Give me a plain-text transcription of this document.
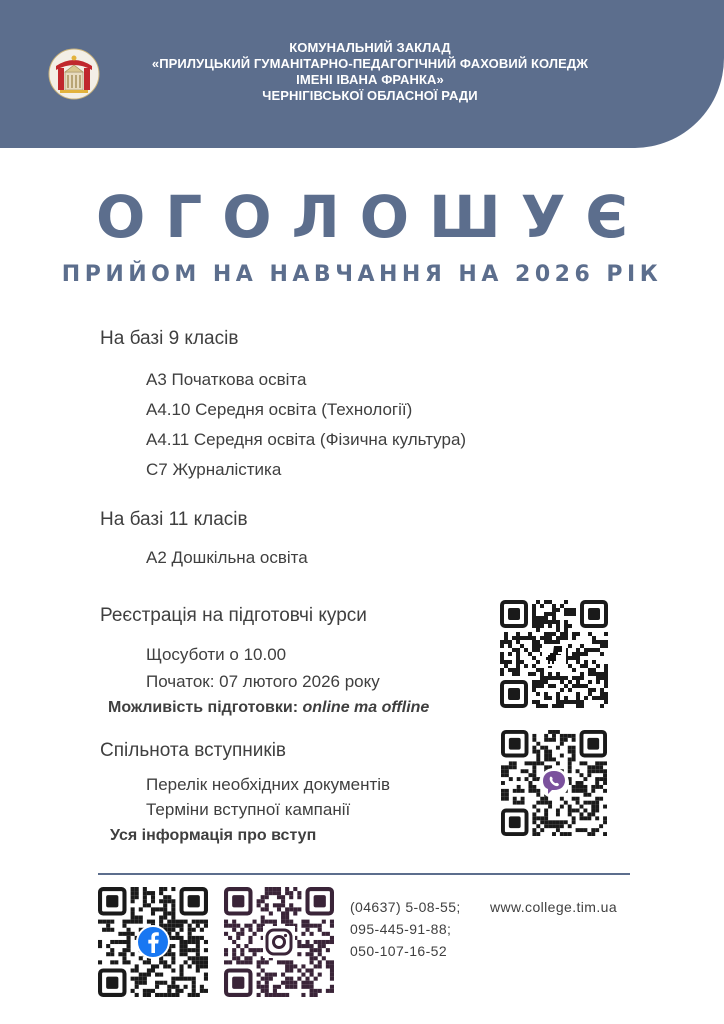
КОМУНАЛЬНИЙ ЗАКЛАД
«ПРИЛУЦЬКИЙ ГУМАНІТАРНО-ПЕДАГОГІЧНИЙ ФАХОВИЙ КОЛЕДЖ
ІМЕНІ ІВАНА ФРАНКА»
ЧЕРНІГІВСЬКОЇ ОБЛАСНОЇ РАДИ
ОГОЛОШУЄ
ПРИЙОМ НА НАВЧАННЯ НА 2026 РІК
На базі 9 класів
А3 Початкова освіта
А4.10 Середня освіта (Технології)
А4.11 Середня освіта (Фізична культура)
С7 Журналістика
На базі 11 класів
А2 Дошкільна освіта
Реєстрація на підготовчі курси
Щосуботи о 10.00
Початок: 07 лютого 2026 року
Можливість підготовки: online та offline
Спільнота вступників
Перелік необхідних документів
Терміни вступної кампанії
Уся інформація про вступ
(04637) 5-08-55;
095-445-91-88;
050-107-16-52
www.college.tim.ua
